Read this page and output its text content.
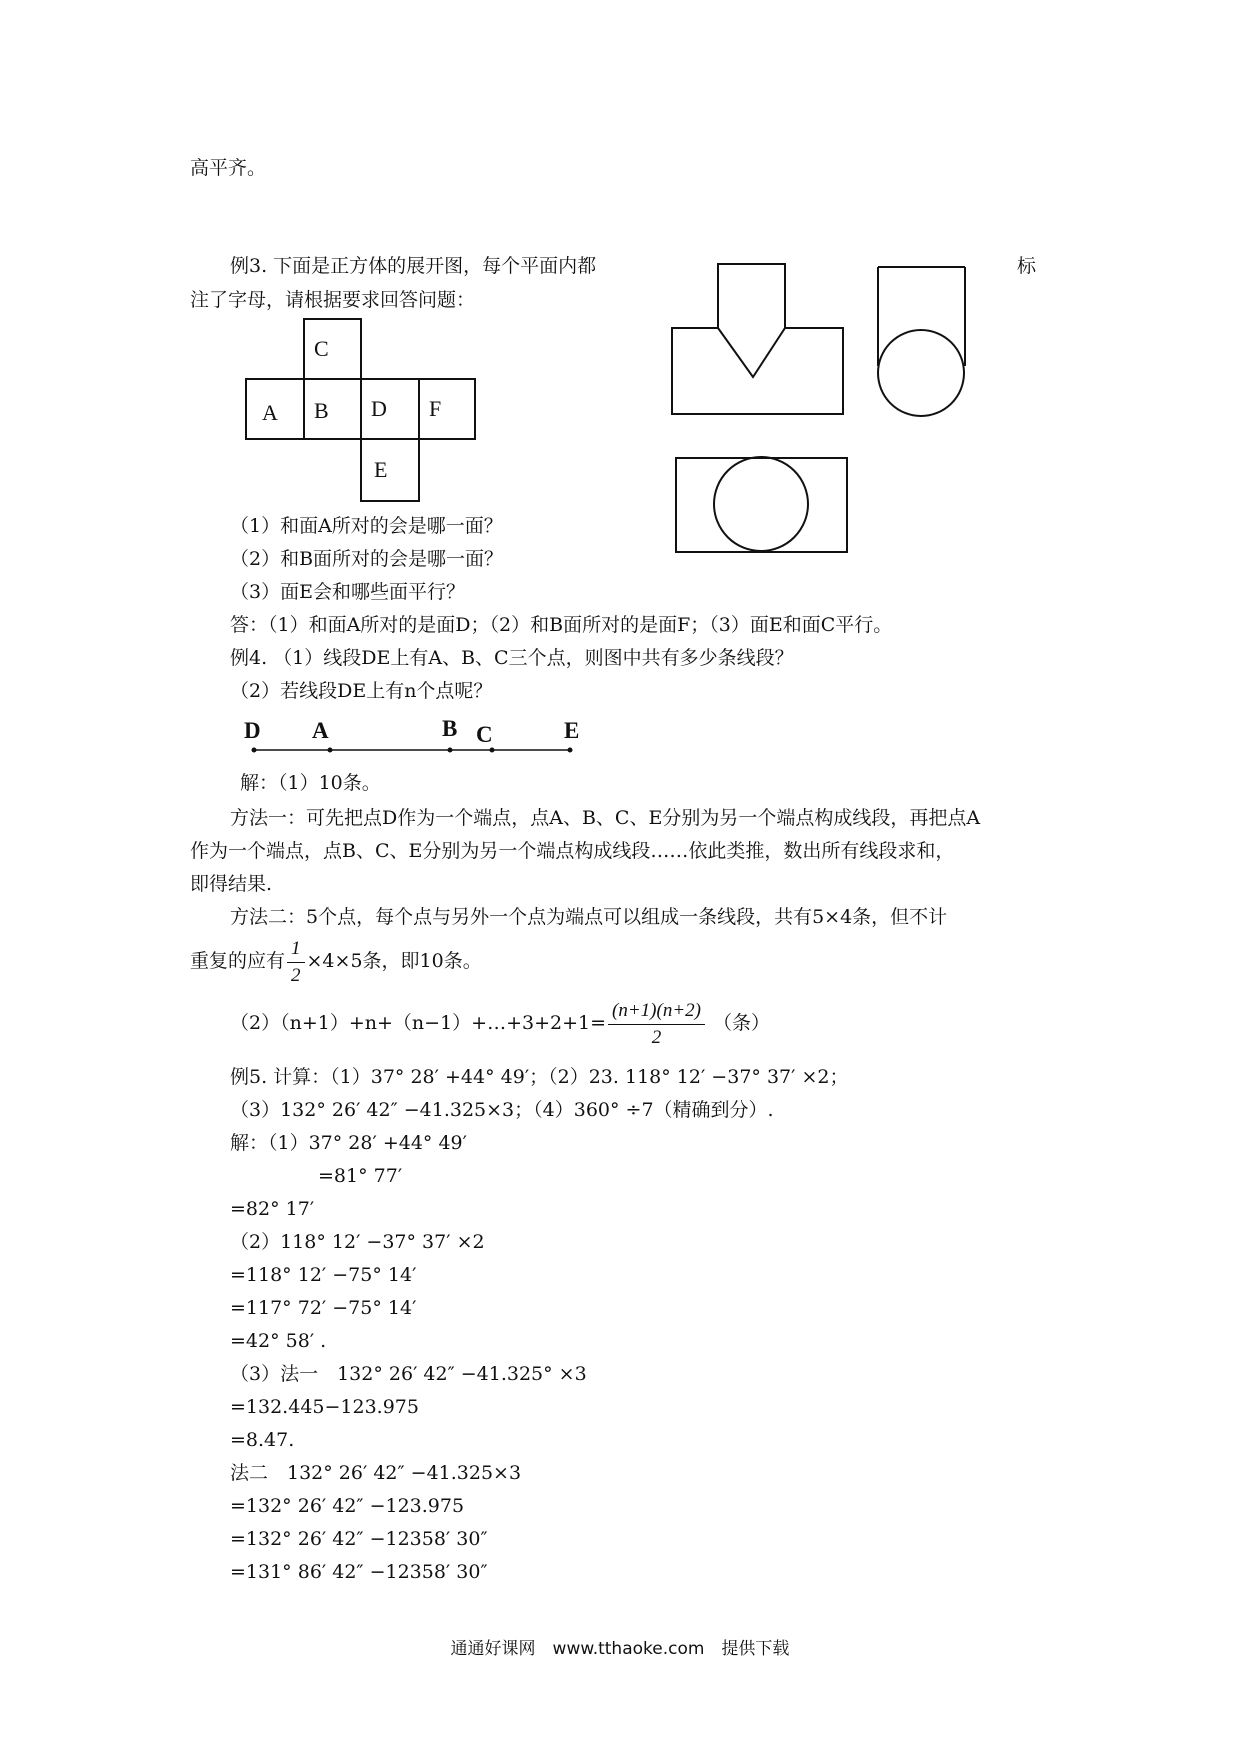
高平齐。
例3. 下面是正方体的展开图，每个平面内都	标
注了字母，请根据要求回答问题：
C
A B D F
E
（1）和面A所对的会是哪一面？
（2）和B面所对的会是哪一面？
（3）面E会和哪些面平行？
答：（1）和面A所对的是面D；（2）和B面所对的是面F；（3）面E和面C平行。
例4. （1）线段DE上有A、B、C三个点，则图中共有多少条线段？
（2）若线段DE上有n个点呢？
D A	B C	E
解：（1）10条。
方法一：可先把点D作为一个端点，点A、B、C、E分别为另一个端点构成线段，再把点A
作为一个端点，点B、C、E分别为另一个端点构成线段……依此类推，数出所有线段求和，
即得结果.
方法二：5个点，每个点与另外一个点为端点可以组成一条线段，共有5×4条，但不计
重复的应有 $\frac{1}{2} \times 4\times 5$条，即10条。
（2）（n+1）+n+（n−1）+…+3+2+1= $\frac{(n+1)(n+2)}{2}$ （条）
例5. 计算：（1）37° 28′ +44° 49′；（2）23. 118° 12′ −37° 37′ ×2；
（3）132° 26′ 42″ −41.325×3；（4）360° ÷7（精确到分）.
解：（1）37° 28′ +44° 49′
=81° 77′
=82° 17′
（2）118° 12′ −37° 37′ ×2
=118° 12′ −75° 14′
=117° 72′ −75° 14′
=42° 58′ .
（3）法一　132° 26′ 42″ −41.325° ×3
=132.445−123.975
=8.47.
法二　132° 26′ 42″ −41.325×3
=132° 26′ 42″ −123.975
=132° 26′ 42″ −12358′ 30″
=131° 86′ 42″ −12358′ 30″
通通好课网　www.tthaoke.com　提供下载
